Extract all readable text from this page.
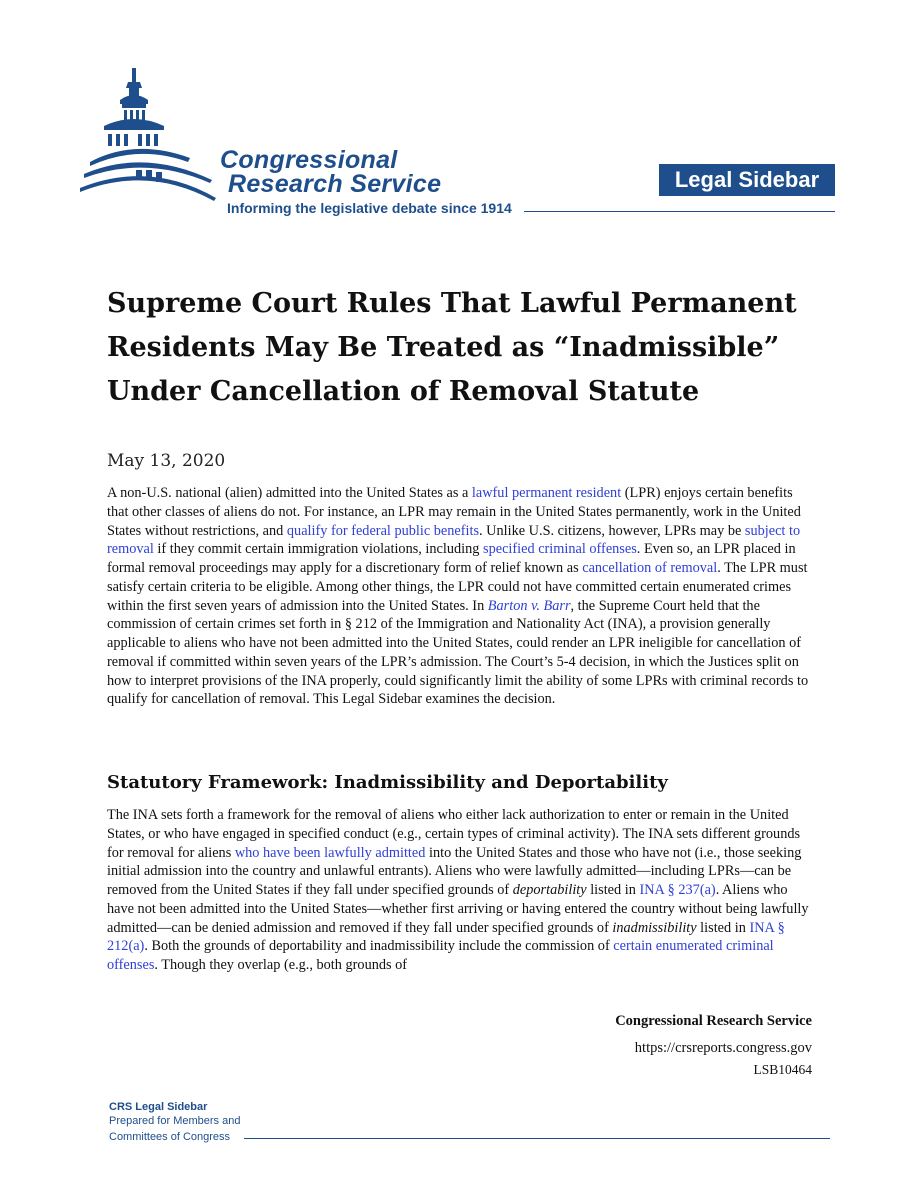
Congressional
Research Service
Informing the legislative debate since 1914
Legal Sidebar
Supreme Court Rules That Lawful Permanent Residents May Be Treated as “Inadmissible” Under Cancellation of Removal Statute
May 13, 2020

A non-U.S. national (alien) admitted into the United States as a lawful permanent resident (LPR) enjoys certain benefits that other classes of aliens do not. For instance, an LPR may remain in the United States permanently, work in the United States without restrictions, and qualify for federal public benefits. Unlike U.S. citizens, however, LPRs may be subject to removal if they commit certain immigration violations, including specified criminal offenses. Even so, an LPR placed in formal removal proceedings may apply for a discretionary form of relief known as cancellation of removal. The LPR must satisfy certain criteria to be eligible. Among other things, the LPR could not have committed certain enumerated crimes within the first seven years of admission into the United States. In Barton v. Barr, the Supreme Court held that the commission of certain crimes set forth in § 212 of the Immigration and Nationality Act (INA), a provision generally applicable to aliens who have not been admitted into the United States, could render an LPR ineligible for cancellation of removal if committed within seven years of the LPR’s admission. The Court’s 5-4 decision, in which the Justices split on how to interpret provisions of the INA properly, could significantly limit the ability of some LPRs with criminal records to qualify for cancellation of removal. This Legal Sidebar examines the decision.

Statutory Framework: Inadmissibility and Deportability

The INA sets forth a framework for the removal of aliens who either lack authorization to enter or remain in the United States, or who have engaged in specified conduct (e.g., certain types of criminal activity). The INA sets different grounds for removal for aliens who have been lawfully admitted into the United States and those who have not (i.e., those seeking initial admission into the country and unlawful entrants). Aliens who were lawfully admitted—including LPRs—can be removed from the United States if they fall under specified grounds of deportability listed in INA § 237(a). Aliens who have not been admitted into the United States—whether first arriving or having entered the country without being lawfully admitted—can be denied admission and removed if they fall under specified grounds of inadmissibility listed in INA § 212(a). Both the grounds of deportability and inadmissibility include the commission of certain enumerated criminal offenses. Though they overlap (e.g., both grounds of

Congressional Research Service
https://crsreports.congress.gov
LSB10464
CRS Legal Sidebar
Prepared for Members and
Committees of Congress
